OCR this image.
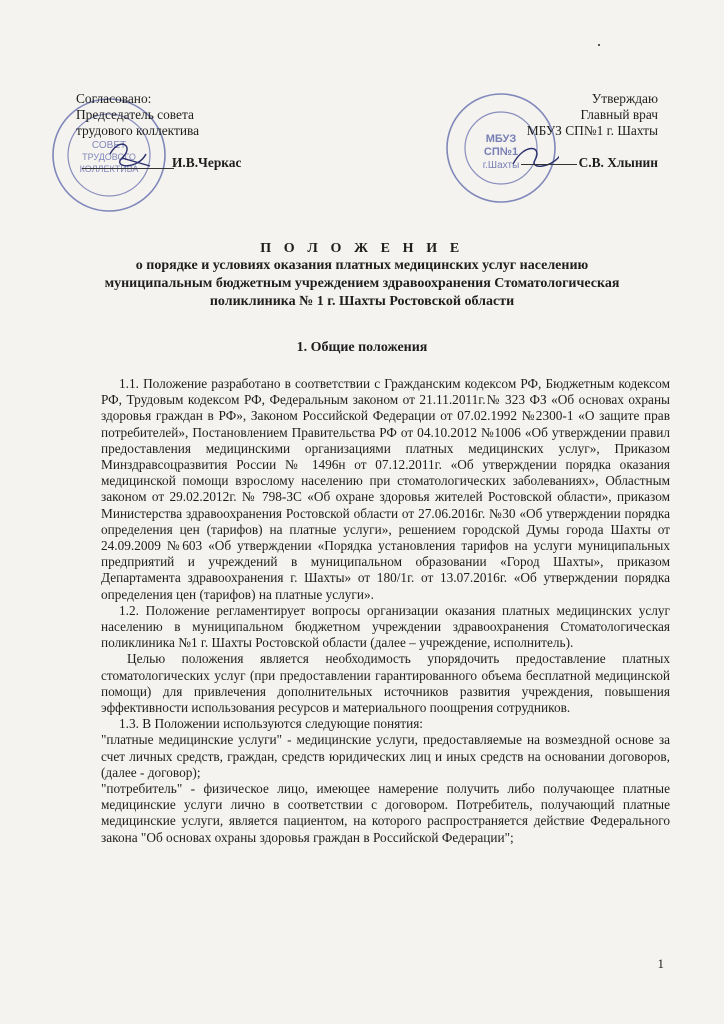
СОВЕТ
ТРУДОВОГО
КОЛЛЕКТИВА
МБУЗ
СП№1
г.Шахты
Согласовано:
Председатель совета
трудового коллектива
И.В.Черкас
Утверждаю
Главный врач
МБУЗ СП№1 г. Шахты
С.В. Хлынин
П О Л О Ж Е Н И Е
о порядке и условиях оказания платных медицинских услуг населению
муниципальным бюджетным учреждением здравоохранения Стоматологическая
поликлиника № 1 г. Шахты Ростовской области
1. Общие положения

1.1. Положение разработано в соответствии с Гражданским кодексом РФ, Бюджетным кодексом РФ, Трудовым кодексом РФ, Федеральным законом от 21.11.2011г.№ 323 ФЗ «Об основах охраны здоровья граждан в РФ», Законом Российской Федерации от 07.02.1992 №2300-1 «О защите прав потребителей», Постановлением Правительства РФ от 04.10.2012 №1006 «Об утверждении правил предоставления медицинскими организациями платных медицинских услуг», Приказом Минздравсоцразвития России № 1496н от 07.12.2011г. «Об утверждении порядка оказания медицинской помощи взрослому населению при стоматологических заболеваниях», Областным законом от 29.02.2012г. № 798-ЗС «Об охране здоровья жителей Ростовской области», приказом Министерства здравоохранения Ростовской области от 27.06.2016г. №30 «Об утверждении порядка определения цен (тарифов) на платные услуги», решением городской Думы города Шахты от 24.09.2009 №603 «Об утверждении «Порядка установления тарифов на услуги муниципальных предприятий и учреждений в муниципальном образовании «Город Шахты», приказом Департамента здравоохранения г. Шахты» от 180/1г. от 13.07.2016г. «Об утверждении порядка определения цен (тарифов) на платные услуги».

1.2. Положение регламентирует вопросы организации оказания платных медицинских услуг населению в муниципальном бюджетном учреждении здравоохранения Стоматологическая поликлиника №1 г. Шахты Ростовской области (далее – учреждение, исполнитель).

Целью положения является необходимость упорядочить предоставление платных стоматологических услуг (при предоставлении гарантированного объема бесплатной медицинской помощи) для привлечения дополнительных источников развития учреждения, повышения эффективности использования ресурсов и материального поощрения сотрудников.

1.3. В Положении используются следующие понятия:

"платные медицинские услуги" - медицинские услуги, предоставляемые на возмездной основе за счет личных средств, граждан, средств юридических лиц и иных средств на основании договоров, (далее - договор);

"потребитель" - физическое лицо, имеющее намерение получить либо получающее платные медицинские услуги лично в соответствии с договором. Потребитель, получающий платные медицинские услуги, является пациентом, на которого распространяется действие Федерального закона "Об основах охраны здоровья граждан в Российской Федерации";

1
